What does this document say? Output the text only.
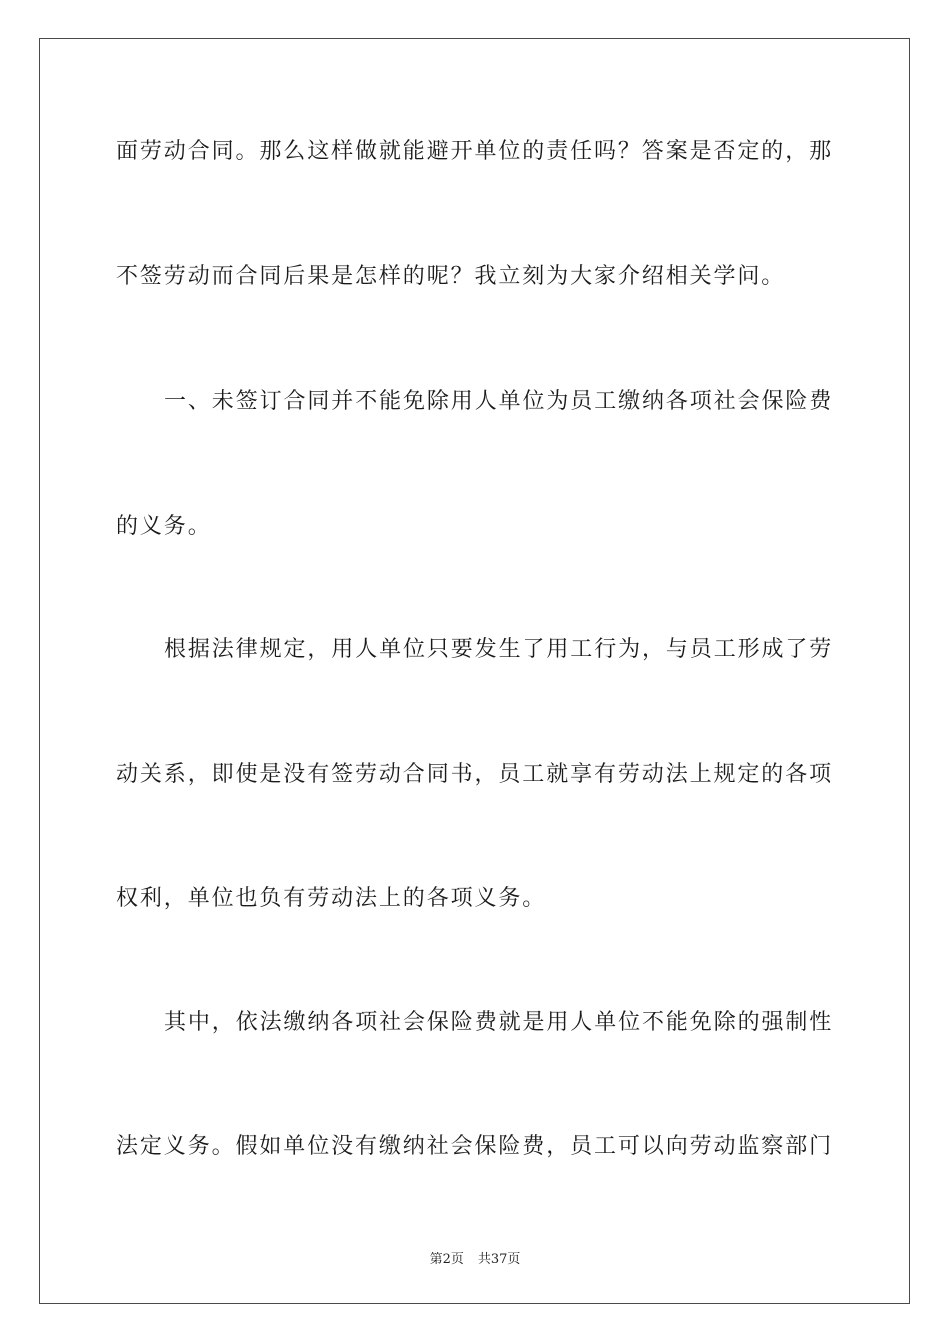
面劳动合同。那么这样做就能避开单位的责任吗？答案是否定的，那
不签劳动而合同后果是怎样的呢？我立刻为大家介绍相关学问。
一、未签订合同并不能免除用人单位为员工缴纳各项社会保险费
的义务。
根据法律规定，用人单位只要发生了用工行为，与员工形成了劳
动关系，即使是没有签劳动合同书，员工就享有劳动法上规定的各项
权利，单位也负有劳动法上的各项义务。
其中，依法缴纳各项社会保险费就是用人单位不能免除的强制性
法定义务。假如单位没有缴纳社会保险费，员工可以向劳动监察部门
第2页 共37页
